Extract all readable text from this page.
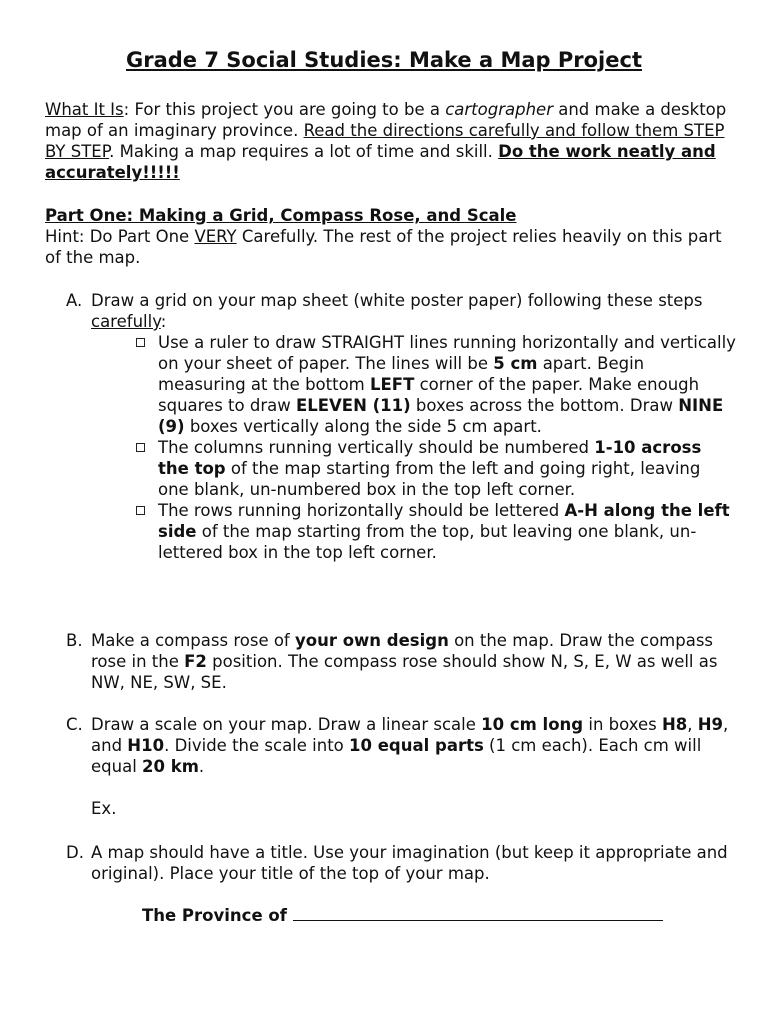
Grade 7 Social Studies: Make a Map Project
What It Is: For this project you are going to be a cartographer and make a desktop map of an imaginary province. Read the directions carefully and follow them STEP BY STEP. Making a map requires a lot of time and skill. Do the work neatly and accurately!!!!!
Part One: Making a Grid, Compass Rose, and Scale
Hint: Do Part One VERY Carefully. The rest of the project relies heavily on this part of the map.
A. Draw a grid on your map sheet (white poster paper) following these steps carefully:
Use a ruler to draw STRAIGHT lines running horizontally and vertically on your sheet of paper. The lines will be 5 cm apart. Begin measuring at the bottom LEFT corner of the paper. Make enough squares to draw ELEVEN (11) boxes across the bottom. Draw NINE (9) boxes vertically along the side 5 cm apart.
The columns running vertically should be numbered 1-10 across the top of the map starting from the left and going right, leaving one blank, un-numbered box in the top left corner.
The rows running horizontally should be lettered A-H along the left side of the map starting from the top, but leaving one blank, un-lettered box in the top left corner.
B. Make a compass rose of your own design on the map. Draw the compass rose in the F2 position. The compass rose should show N, S, E, W as well as NW, NE, SW, SE.
C. Draw a scale on your map. Draw a linear scale 10 cm long in boxes H8, H9, and H10. Divide the scale into 10 equal parts (1 cm each). Each cm will equal 20 km.
Ex.
D. A map should have a title. Use your imagination (but keep it appropriate and original). Place your title of the top of your map.
The Province of
